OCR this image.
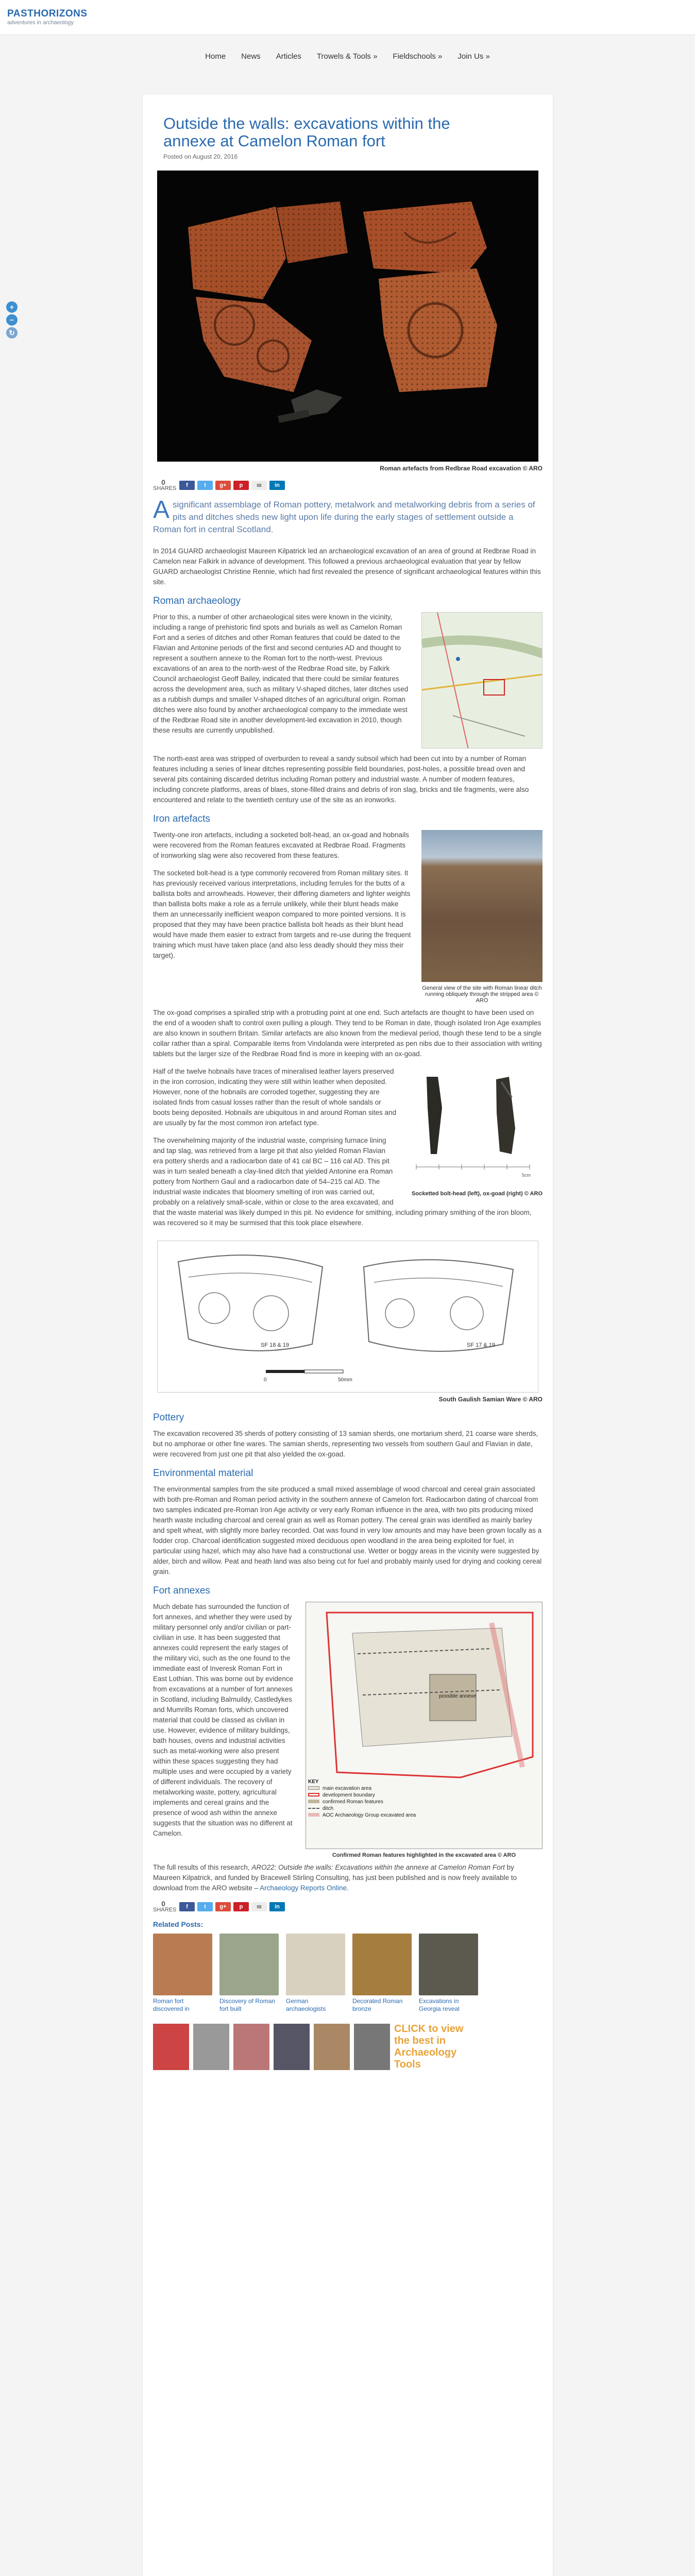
PASTHORIZONS
adventures in archaeology
Home News Articles Trowels & Tools » Fieldschools » Join Us »
+
−
↻
Outside the walls: excavations within the annexe at Camelon Roman fort
Posted on August 20, 2016
Roman artefacts from Redbrae Road excavation © ARO
0
SHARES	f	t	g+	p	✉	in
Asignificant assemblage of Roman pottery, metalwork and metalworking debris from a series of pits and ditches sheds new light upon life during the early stages of settlement outside a Roman fort in central Scotland.

In 2014 GUARD archaeologist Maureen Kilpatrick led an archaeological excavation of an area of ground at Redbrae Road in Camelon near Falkirk in advance of development. This followed a previous archaeological evaluation that year by fellow GUARD archaeologist Christine Rennie, which had first revealed the presence of significant archaeological features within this site.

Roman archaeology

Prior to this, a number of other archaeological sites were known in the vicinity, including a range of prehistoric find spots and burials as well as Camelon Roman Fort and a series of ditches and other Roman features that could be dated to the Flavian and Antonine periods of the first and second centuries AD and thought to represent a southern annexe to the Roman fort to the north-west. Previous excavations of an area to the north-west of the Redbrae Road site, by Falkirk Council archaeologist Geoff Bailey, indicated that there could be similar features across the development area, such as military V-shaped ditches, later ditches used as a rubbish dumps and smaller V-shaped ditches of an agricultural origin. Roman ditches were also found by another archaeological company to the immediate west of the Redbrae Road site in another development-led excavation in 2010, though these results are currently unpublished.

The north-east area was stripped of overburden to reveal a sandy subsoil which had been cut into by a number of Roman features including a series of linear ditches representing possible field boundaries, post-holes, a possible bread oven and several pits containing discarded detritus including Roman pottery and industrial waste. A number of modern features, including concrete platforms, areas of blaes, stone-filled drains and debris of iron slag, bricks and tile fragments, were also encountered and relate to the twentieth century use of the site as an ironworks.

Iron artefacts
General view of the site with Roman linear ditch running obliquely through the stripped area © ARO

Twenty-one iron artefacts, including a socketed bolt-head, an ox-goad and hobnails were recovered from the Roman features excavated at Redbrae Road. Fragments of ironworking slag were also recovered from these features.

The socketed bolt-head is a type commonly recovered from Roman military sites. It has previously received various interpretations, including ferrules for the butts of a ballista bolts and arrowheads. However, their differing diameters and lighter weights than ballista bolts make a role as a ferrule unlikely, while their blunt heads make them an unnecessarily inefficient weapon compared to more pointed versions. It is proposed that they may have been practice ballista bolt heads as their blunt head would have made them easier to extract from targets and re-use during the frequent training which must have taken place (and also less deadly should they miss their target).

The ox-goad comprises a spiralled strip with a protruding point at one end. Such artefacts are thought to have been used on the end of a wooden shaft to control oxen pulling a plough. They tend to be Roman in date, though isolated Iron Age examples are also known in southern Britain. Similar artefacts are also known from the medieval period, though these tend to be a single collar rather than a spiral. Comparable items from Vindolanda were interpreted as pen nibs due to their association with writing tablets but the larger size of the Redbrae Road find is more in keeping with an ox-goad.

5cm
Socketted bolt-head (left), ox-goad (right) © ARO

Half of the twelve hobnails have traces of mineralised leather layers preserved in the iron corrosion, indicating they were still within leather when deposited. However, none of the hobnails are corroded together, suggesting they are isolated finds from casual losses rather than the result of whole sandals or boots being deposited. Hobnails are ubiquitous in and around Roman sites and are usually by far the most common iron artefact type.

The overwhelming majority of the industrial waste, comprising furnace lining and tap slag, was retrieved from a large pit that also yielded Roman Flavian era pottery sherds and a radiocarbon date of 41 cal BC – 116 cal AD. This pit was in turn sealed beneath a clay-lined ditch that yielded Antonine era Roman pottery from Northern Gaul and a radiocarbon date of 54–215 cal AD. The industrial waste indicates that bloomery smelting of iron was carried out, probably on a relatively small-scale, within or close to the area excavated, and that the waste material was likely dumped in this pit. No evidence for smithing, including primary smithing of the iron bloom, was recovered so it may be surmised that this took place elsewhere.

SF 18 & 19	SF 17 & 19
0	50mm
South Gaulish Samian Ware © ARO
Pottery

The excavation recovered 35 sherds of pottery consisting of 13 samian sherds, one mortarium sherd, 21 coarse ware sherds, but no amphorae or other fine wares. The samian sherds, representing two vessels from southern Gaul and Flavian in date, were recovered from just one pit that also yielded the ox-goad.

Environmental material

The environmental samples from the site produced a small mixed assemblage of wood charcoal and cereal grain associated with both pre-Roman and Roman period activity in the southern annexe of Camelon fort. Radiocarbon dating of charcoal from two samples indicated pre-Roman Iron Age activity or very early Roman influence in the area, with two pits producing mixed hearth waste including charcoal and cereal grain as well as Roman pottery. The cereal grain was identified as mainly barley and spelt wheat, with slightly more barley recorded. Oat was found in very low amounts and may have been grown locally as a fodder crop. Charcoal identification suggested mixed deciduous open woodland in the area being exploited for fuel, in particular using hazel, which may also have had a constructional use. Wetter or boggy areas in the vicinity were suggested by alder, birch and willow. Peat and heath land was also being cut for fuel and probably mainly used for drying and cooking cereal grain.

Fort annexes
possible annexe
KEY
main excavation area
development boundary
confirmed Roman features
ditch
AOC Archaeology Group excavated area
Confirmed Roman features highlighted in the excavated area © ARO

Much debate has surrounded the function of fort annexes, and whether they were used by military personnel only and/or civilian or part-civilian in use. It has been suggested that annexes could represent the early stages of the military vici, such as the one found to the immediate east of Inveresk Roman Fort in East Lothian. This was borne out by evidence from excavations at a number of fort annexes in Scotland, including Balmuildy, Castledykes and Mumrills Roman forts, which uncovered material that could be classed as civilian in use. However, evidence of military buildings, bath houses, ovens and industrial activities such as metal-working were also present within these spaces suggesting they had multiple uses and were occupied by a variety of different individuals. The recovery of metalworking waste, pottery, agricultural implements and cereal grains and the presence of wood ash within the annexe suggests that the situation was no different at Camelon.

The full results of this research, ARO22: Outside the walls: Excavations within the annexe at Camelon Roman Fort by Maureen Kilpatrick, and funded by Bracewell Stirling Consulting, has just been published and is now freely available to download from the ARO website – Archaeology Reports Online.

0
SHARES	f	t	g+	p	✉	in
Related Posts:
Roman fort discovered in
Discovery of Roman fort built
German archaeologists
Decorated Roman bronze
Excavations in Georgia reveal
CLICK to view the best in Archaeology Tools
